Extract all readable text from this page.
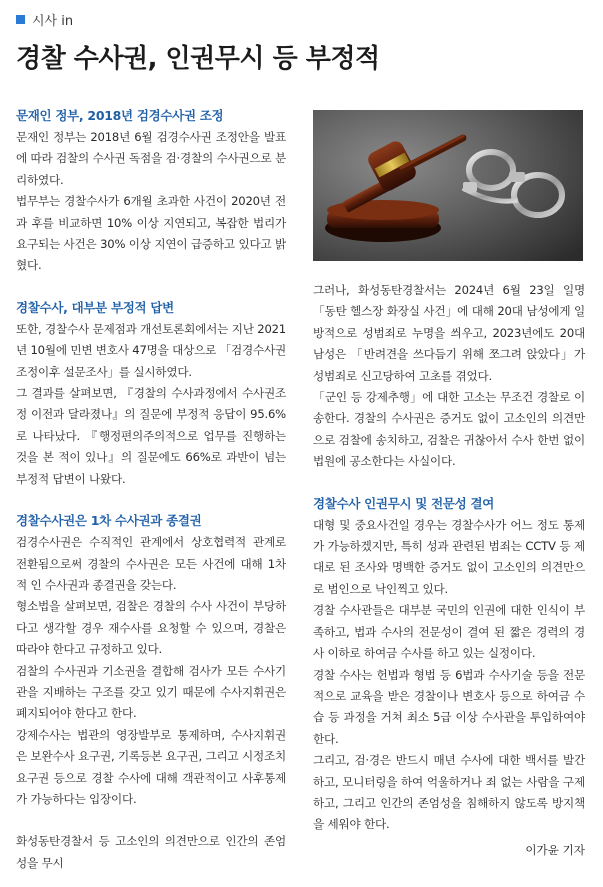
시사 in
경찰 수사권, 인권무시 등 부정적
문재인 정부, 2018년 검경수사권 조정
문재인 정부는 2018년 6월 검경수사권 조정안을 발표에 따라 검찰의 수사권 독점을 검·경찰의 수사권으로 분리하였다.
법무부는 경찰수사가 6개월 초과한 사건이 2020년 전과 후를 비교하면 10% 이상 지연되고, 복잡한 법리가 요구되는 사건은 30% 이상 지연이 급증하고 있다고 밝혔다.
경찰수사, 대부분 부정적 답변
또한, 경찰수사 문제점과 개선토론회에서는 지난 2021년 10월에 민변 변호사 47명을 대상으로 「검경수사권 조정이후 설문조사」를 실시하였다.
그 결과를 살펴보면, 『경찰의 수사과정에서 수사권조정 이전과 달라졌나』의 질문에 부정적 응답이 95.6%로 나타났다. 『행정편의주의적으로 업무를 진행하는 것을 본 적이 있나』의 질문에도 66%로 과반이 넘는 부정적 답변이 나왔다.
경찰수사권은 1차 수사권과 종결권
검경수사권은 수직적인 관계에서 상호협력적 관계로 전환됨으로써 경찰의 수사권은 모든 사건에 대해 1차적 인 수사권과 종결권을 갖는다.
형소법을 살펴보면, 검찰은 경찰의 수사 사건이 부당하다고 생각할 경우 재수사를 요청할 수 있으며, 경찰은 따라야 한다고 규정하고 있다.
검찰의 수사권과 기소권을 결합해 검사가 모든 수사기관을 지배하는 구조를 갖고 있기 때문에 수사지휘권은 폐지되어야 한다고 한다.
강제수사는 법관의 영장발부로 통제하며, 수사지휘권은 보완수사 요구권, 기록등본 요구권, 그리고 시정조치 요구권 등으로 경찰 수사에 대해 객관적이고 사후통제가 가능하다는 입장이다.
화성동탄경찰서 등 고소인의 의견만으로 인간의 존엄성을 무시
그러나, 화성동탄경찰서는 2024년 6월 23일 일명 「동탄 헬스장 화장실 사건」에 대해 20대 남성에게 일방적으로 성범죄로 누명을 씌우고, 2023년에도 20대 남성은 「반려견을 쓰다듬기 위해 쪼그려 앉았다」가 성범죄로 신고당하여 고초를 겪었다.
「군인 등 강제추행」에 대한 고소는 무조건 경찰로 이송한다. 경찰의 수사권은 증거도 없이 고소인의 의견만으로 검찰에 송치하고, 검찰은 귀찮아서 수사 한번 없이 법원에 공소한다는 사실이다.
경찰수사 인권무시 및 전문성 결여
대형 및 중요사건일 경우는 경찰수사가 어느 정도 통제가 가능하겠지만, 특히 성과 관련된 범죄는 CCTV 등 제대로 된 조사와 명백한 증거도 없이 고소인의 의견만으로 범인으로 낙인찍고 있다.
경찰 수사관들은 대부분 국민의 인권에 대한 인식이 부족하고, 법과 수사의 전문성이 결여 된 짧은 경력의 경사 이하로 하여금 수사를 하고 있는 실정이다.
경찰 수사는 헌법과 형법 등 6법과 수사기술 등을 전문적으로 교육을 받은 경찰이나 변호사 등으로 하여금 수습 등 과정을 거쳐 최소 5급 이상 수사관을 투입하여야 한다.
그리고, 검·경은 반드시 매년 수사에 대한 백서를 발간하고, 모니터링을 하여 억울하거나 죄 없는 사람을 구제하고, 그리고 인간의 존엄성을 침해하지 않도록 방지책을 세워야 한다.
이가윤 기자
